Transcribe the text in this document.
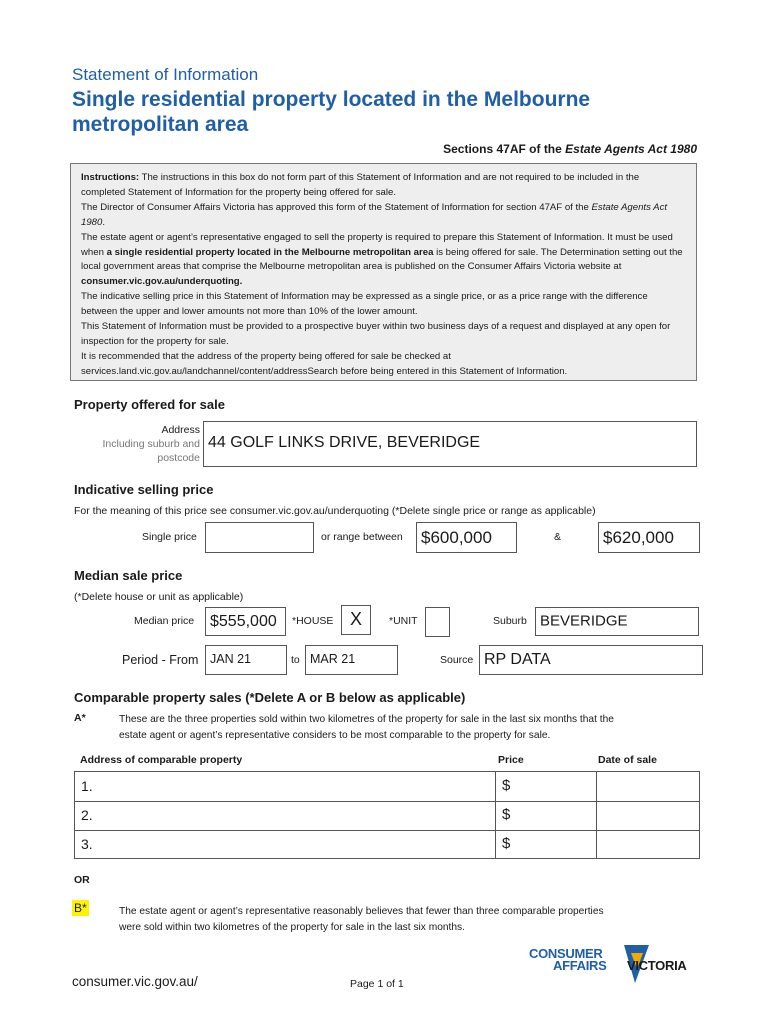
Statement of Information
Single residential property located in the Melbourne
metropolitan area
Sections 47AF of the Estate Agents Act 1980

Instructions: The instructions in this box do not form part of this Statement of Information and are not required to be included in the completed Statement of Information for the property being offered for sale.

The Director of Consumer Affairs Victoria has approved this form of the Statement of Information for section 47AF of the Estate Agents Act 1980.

The estate agent or agent’s representative engaged to sell the property is required to prepare this Statement of Information. It must be used when a single residential property located in the Melbourne metropolitan area is being offered for sale. The Determination setting out the local government areas that comprise the Melbourne metropolitan area is published on the Consumer Affairs Victoria website at consumer.vic.gov.au/underquoting.

The indicative selling price in this Statement of Information may be expressed as a single price, or as a price range with the difference between the upper and lower amounts not more than 10% of the lower amount.

This Statement of Information must be provided to a prospective buyer within two business days of a request and displayed at any open for inspection for the property for sale.

It is recommended that the address of the property being offered for sale be checked at services.land.vic.gov.au/landchannel/content/addressSearch before being entered in this Statement of Information.

Property offered for sale
Address
Including suburb and
postcode
44 GOLF LINKS DRIVE, BEVERIDGE
Indicative selling price
For the meaning of this price see consumer.vic.gov.au/underquoting (*Delete single price or range as applicable)
Single price	or range between $600,000	& $620,000
Median sale price
(*Delete house or unit as applicable)
Median price $555,000 *HOUSE X	*UNIT	Suburb BEVERIDGE
Period - From JAN 21	to MAR 21	Source RP DATA
Comparable property sales (*Delete A or B below as applicable)
A*	These are the three properties sold within two kilometres of the property for sale in the last six months that the
estate agent or agent’s representative considers to be most comparable to the property for sale.
Address of comparable property	Price	Date of sale
1.	$
2.	$
3.	$
OR
B*	The estate agent or agent’s representative reasonably believes that fewer than three comparable properties
were sold within two kilometres of the property for sale in the last six months.
consumer.vic.gov.au/	Page 1 of 1
CONSUMER
AFFAIRS VICTORIA
